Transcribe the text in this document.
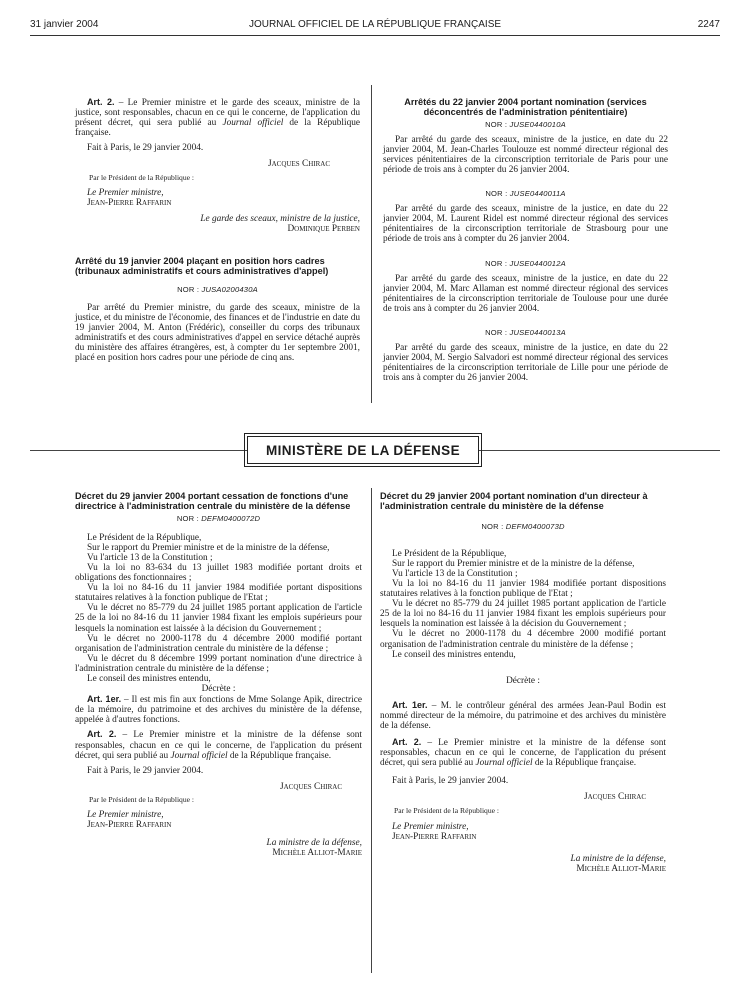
31 janvier 2004	JOURNAL OFFICIEL DE LA RÉPUBLIQUE FRANÇAISE	2247

Art. 2. – Le Premier ministre et le garde des sceaux, ministre de la justice, sont responsables, chacun en ce qui le concerne, de l'application du présent décret, qui sera publié au Journal officiel de la République française.

Fait à Paris, le 29 janvier 2004.

Jacques Chirac
Par le Président de la République :

Le Premier ministre,

Jean-Pierre Raffarin

Le garde des sceaux, ministre de la justice,

Dominique Perben

Arrêté du 19 janvier 2004 plaçant en position hors cadres (tribunaux administratifs et cours administratives d'appel)
NOR : JUSA0200430A

Par arrêté du Premier ministre, du garde des sceaux, ministre de la justice, et du ministre de l'économie, des finances et de l'industrie en date du 19 janvier 2004, M. Anton (Frédéric), conseiller du corps des tribunaux administratifs et des cours administratives d'appel en service détaché auprès du ministère des affaires étrangères, est, à compter du 1er septembre 2001, placé en position hors cadres pour une période de cinq ans.

Arrêtés du 22 janvier 2004 portant nomination (services déconcentrés de l'administration pénitentiaire)
NOR : JUSE0440010A

Par arrêté du garde des sceaux, ministre de la justice, en date du 22 janvier 2004, M. Jean-Charles Toulouze est nommé directeur régional des services pénitentiaires de la circonscription territoriale de Paris pour une période de trois ans à compter du 26 janvier 2004.

NOR : JUSE0440011A

Par arrêté du garde des sceaux, ministre de la justice, en date du 22 janvier 2004, M. Laurent Ridel est nommé directeur régional des services pénitentiaires de la circonscription territoriale de Strasbourg pour une période de trois ans à compter du 26 janvier 2004.

NOR : JUSE0440012A

Par arrêté du garde des sceaux, ministre de la justice, en date du 22 janvier 2004, M. Marc Allaman est nommé directeur régional des services pénitentiaires de la circonscription territoriale de Toulouse pour une durée de trois ans à compter du 26 janvier 2004.

NOR : JUSE0440013A

Par arrêté du garde des sceaux, ministre de la justice, en date du 22 janvier 2004, M. Sergio Salvadori est nommé directeur régional des services pénitentiaires de la circonscription territoriale de Lille pour une période de trois ans à compter du 26 janvier 2004.

MINISTÈRE DE LA DÉFENSE
Décret du 29 janvier 2004 portant cessation de fonctions d'une directrice à l'administration centrale du ministère de la défense
NOR : DEFM0400072D

Le Président de la République,

Sur le rapport du Premier ministre et de la ministre de la défense,

Vu l'article 13 de la Constitution ;

Vu la loi no 83-634 du 13 juillet 1983 modifiée portant droits et obligations des fonctionnaires ;

Vu la loi no 84-16 du 11 janvier 1984 modifiée portant dispositions statutaires relatives à la fonction publique de l'Etat ;

Vu le décret no 85-779 du 24 juillet 1985 portant application de l'article 25 de la loi no 84-16 du 11 janvier 1984 fixant les emplois supérieurs pour lesquels la nomination est laissée à la décision du Gouvernement ;

Vu le décret no 2000-1178 du 4 décembre 2000 modifié portant organisation de l'administration centrale du ministère de la défense ;

Vu le décret du 8 décembre 1999 portant nomination d'une directrice à l'administration centrale du ministère de la défense ;

Le conseil des ministres entendu,

Décrète :

Art. 1er. – Il est mis fin aux fonctions de Mme Solange Apik, directrice de la mémoire, du patrimoine et des archives du ministère de la défense, appelée à d'autres fonctions.

Art. 2. – Le Premier ministre et la ministre de la défense sont responsables, chacun en ce qui le concerne, de l'application du présent décret, qui sera publié au Journal officiel de la République française.

Fait à Paris, le 29 janvier 2004.

Jacques Chirac
Par le Président de la République :

Le Premier ministre,

Jean-Pierre Raffarin

La ministre de la défense,

Michèle Alliot-Marie

Décret du 29 janvier 2004 portant nomination d'un directeur à l'administration centrale du ministère de la défense
NOR : DEFM0400073D

Le Président de la République,

Sur le rapport du Premier ministre et de la ministre de la défense,

Vu l'article 13 de la Constitution ;

Vu la loi no 84-16 du 11 janvier 1984 modifiée portant dispositions statutaires relatives à la fonction publique de l'Etat ;

Vu le décret no 85-779 du 24 juillet 1985 portant application de l'article 25 de la loi no 84-16 du 11 janvier 1984 fixant les emplois supérieurs pour lesquels la nomination est laissée à la décision du Gouvernement ;

Vu le décret no 2000-1178 du 4 décembre 2000 modifié portant organisation de l'administration centrale du ministère de la défense ;

Le conseil des ministres entendu,

Décrète :

Art. 1er. – M. le contrôleur général des armées Jean-Paul Bodin est nommé directeur de la mémoire, du patrimoine et des archives du ministère de la défense.

Art. 2. – Le Premier ministre et la ministre de la défense sont responsables, chacun en ce qui le concerne, de l'application du présent décret, qui sera publié au Journal officiel de la République française.

Fait à Paris, le 29 janvier 2004.

Jacques Chirac
Par le Président de la République :

Le Premier ministre,

Jean-Pierre Raffarin

La ministre de la défense,

Michèle Alliot-Marie
